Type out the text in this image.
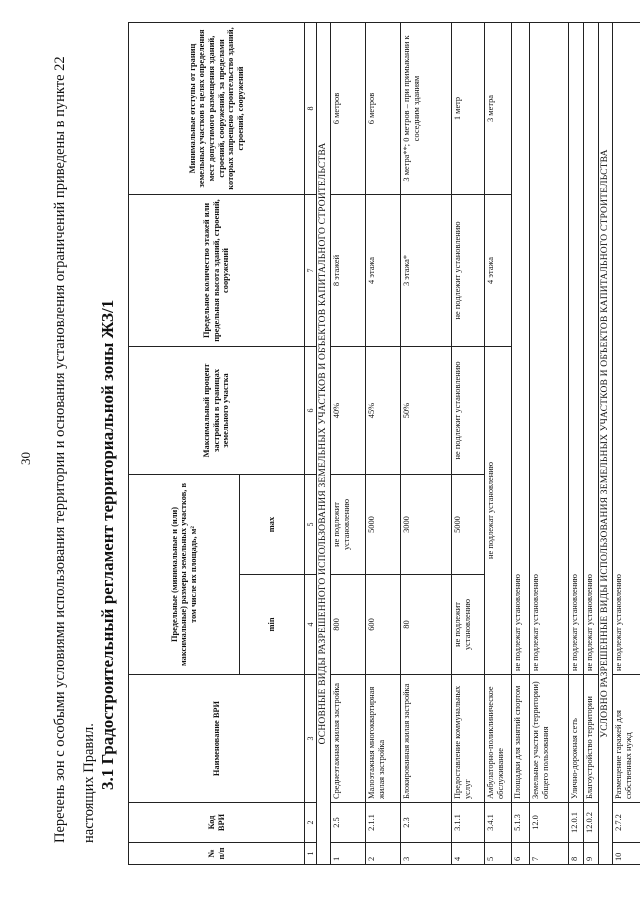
30	Перечень зон с особыми условиями использования территории и основания установления ограничений приведены в пункте 22 настоящих Правил. 3.1 Градостроительный регламент территориальной зоны ЖЗ/1
№ п/п	Код ВРИ	Наименование ВРИ	Предельные (минимальные и (или) максимальные) размеры земельных участков, в том числе их площадь, м²		Максимальный процент застройки в границах земельного участка	Предельное количество этажей или предельная высота зданий, строений, сооружений	Минимальные отступы от границ земельных участков в целях определения мест допустимого размещения зданий, строений, сооружений, за пределами которых запрещено строительство зданий, строений, сооружений
			min	max			
1	2	3	4	5	6	7	8
ОСНОВНЫЕ ВИДЫ РАЗРЕШЕННОГО ИСПОЛЬЗОВАНИЯ ЗЕМЕЛЬНЫХ УЧАСТКОВ И ОБЪЕКТОВ КАПИТАЛЬНОГО СТРОИТЕЛЬСТВА							
1	2.5	Среднеэтажная жилая застройка	800	не подлежит установлению	40%	8 этажей	6 метров
2	2.1.1	Малоэтажная многоквартирная жилая застройка	600	5000	45%	4 этажа	6 метров
3	2.3	Блокированная жилая застройка	80	3000	50%	3 этажа*	3 метра**; 0 метров – при примыкании к соседним зданиям
4	3.1.1	Предоставление коммунальных услуг	не подлежит установлению	5000	не подлежит установлению	не подлежит установлению	1 метр
5	3.4.1	Амбулаторно-поликлиническое обслуживание	не подлежат установлению			4 этажа	3 метра
6	5.1.3	Площадки для занятий спортом	не подлежат установлению				
7	12.0	Земельные участки (территории) общего пользования	не подлежат установлению				
8	12.0.1	Улично-дорожная сеть	не подлежат установлению				
9	12.0.2	Благоустройство территории	не подлежат установлению				
УСЛОВНО РАЗРЕШЕННЫЕ ВИДЫ ИСПОЛЬЗОВАНИЯ ЗЕМЕЛЬНЫХ УЧАСТКОВ И ОБЪЕКТОВ КАПИТАЛЬНОГО СТРОИТЕЛЬСТВА							
10	2.7.2	Размещение гаражей для собственных нужд	не подлежат установлению				
